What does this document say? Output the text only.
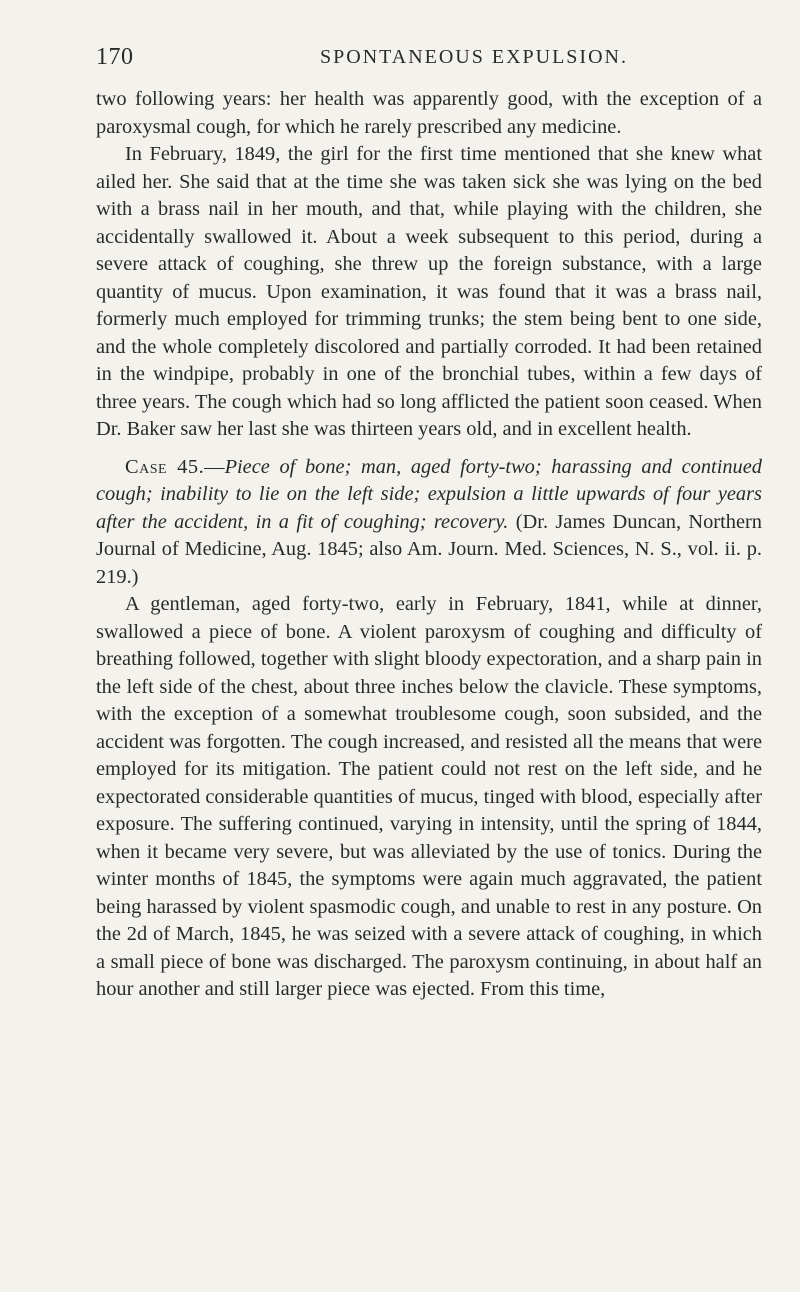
170	SPONTANEOUS EXPULSION.

two following years: her health was apparently good, with the exception of a paroxysmal cough, for which he rarely prescribed any medicine.

In February, 1849, the girl for the first time mentioned that she knew what ailed her. She said that at the time she was taken sick she was lying on the bed with a brass nail in her mouth, and that, while playing with the children, she accidentally swallowed it. About a week subsequent to this period, during a severe attack of coughing, she threw up the foreign substance, with a large quantity of mucus. Upon examination, it was found that it was a brass nail, formerly much employed for trimming trunks; the stem being bent to one side, and the whole completely discolored and partially corroded. It had been retained in the windpipe, probably in one of the bronchial tubes, within a few days of three years. The cough which had so long afflicted the patient soon ceased. When Dr. Baker saw her last she was thirteen years old, and in excellent health.

Case 45.—Piece of bone; man, aged forty-two; harassing and continued cough; inability to lie on the left side; expulsion a little upwards of four years after the accident, in a fit of coughing; recovery. (Dr. James Duncan, Northern Journal of Medicine, Aug. 1845; also Am. Journ. Med. Sciences, N. S., vol. ii. p. 219.)

A gentleman, aged forty-two, early in February, 1841, while at dinner, swallowed a piece of bone. A violent paroxysm of coughing and difficulty of breathing followed, together with slight bloody expectoration, and a sharp pain in the left side of the chest, about three inches below the clavicle. These symptoms, with the exception of a somewhat troublesome cough, soon subsided, and the accident was forgotten. The cough increased, and resisted all the means that were employed for its mitigation. The patient could not rest on the left side, and he expectorated considerable quantities of mucus, tinged with blood, especially after exposure. The suffering continued, varying in intensity, until the spring of 1844, when it became very severe, but was alleviated by the use of tonics. During the winter months of 1845, the symptoms were again much aggravated, the patient being harassed by violent spasmodic cough, and unable to rest in any posture. On the 2d of March, 1845, he was seized with a severe attack of coughing, in which a small piece of bone was discharged. The paroxysm continuing, in about half an hour another and still larger piece was ejected. From this time,
